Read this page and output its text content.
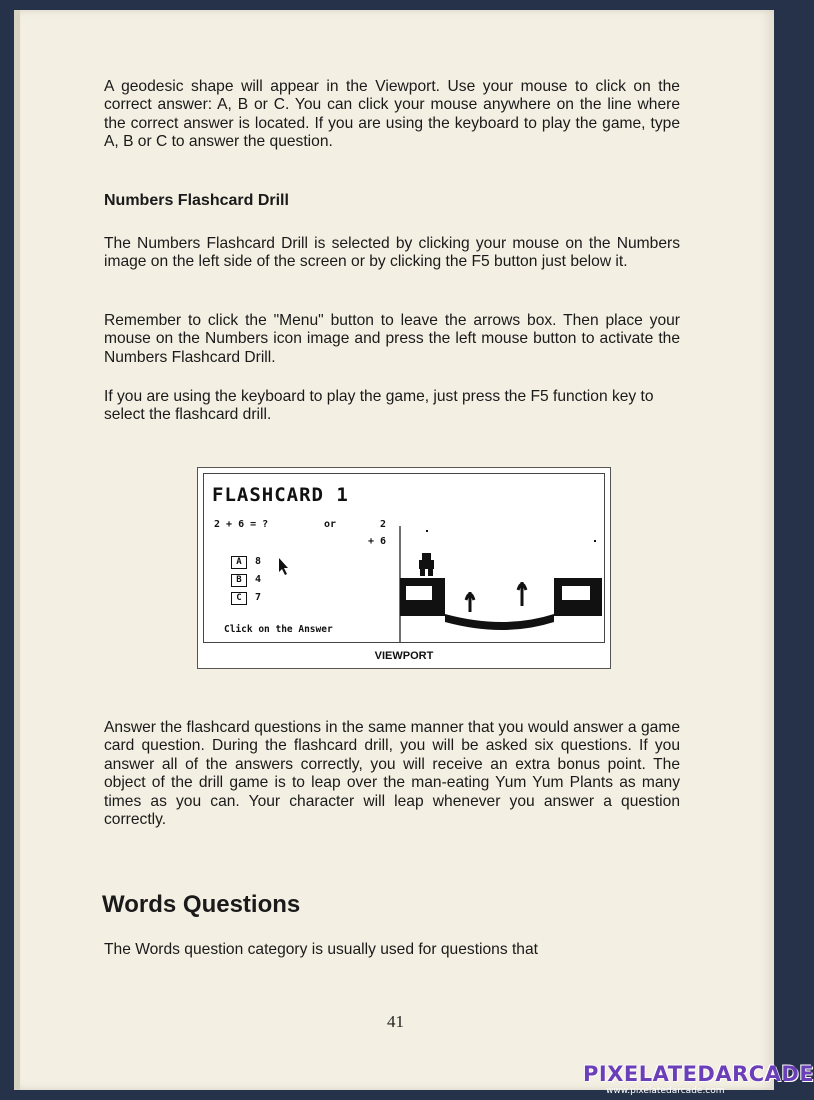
A geodesic shape will appear in the Viewport. Use your mouse to click on the correct answer: A, B or C. You can click your mouse anywhere on the line where the correct answer is located. If you are using the keyboard to play the game, type A, B or C to answer the question.
Numbers Flashcard Drill
The Numbers Flashcard Drill is selected by clicking your mouse on the Numbers image on the left side of the screen or by clicking the F5 button just below it.
Remember to click the "Menu" button to leave the arrows box. Then place your mouse on the Numbers icon image and press the left mouse button to activate the Numbers Flashcard Drill.
If you are using the keyboard to play the game, just press the F5 function key to select the flashcard drill.
FLASHCARD 1
2 + 6 = ?	or	2
+ 6
A 8
B 4
C 7
Click on the Answer
VIEWPORT
Answer the flashcard questions in the same manner that you would answer a game card question. During the flashcard drill, you will be asked six questions. If you answer all of the answers correctly, you will receive an extra bonus point. The object of the drill game is to leap over the man-eating Yum Yum Plants as many times as you can. Your character will leap whenever you answer a question correctly.
Words Questions
The Words question category is usually used for questions that
41
PIXELATEDARCADE
www.pixelatedarcade.com
